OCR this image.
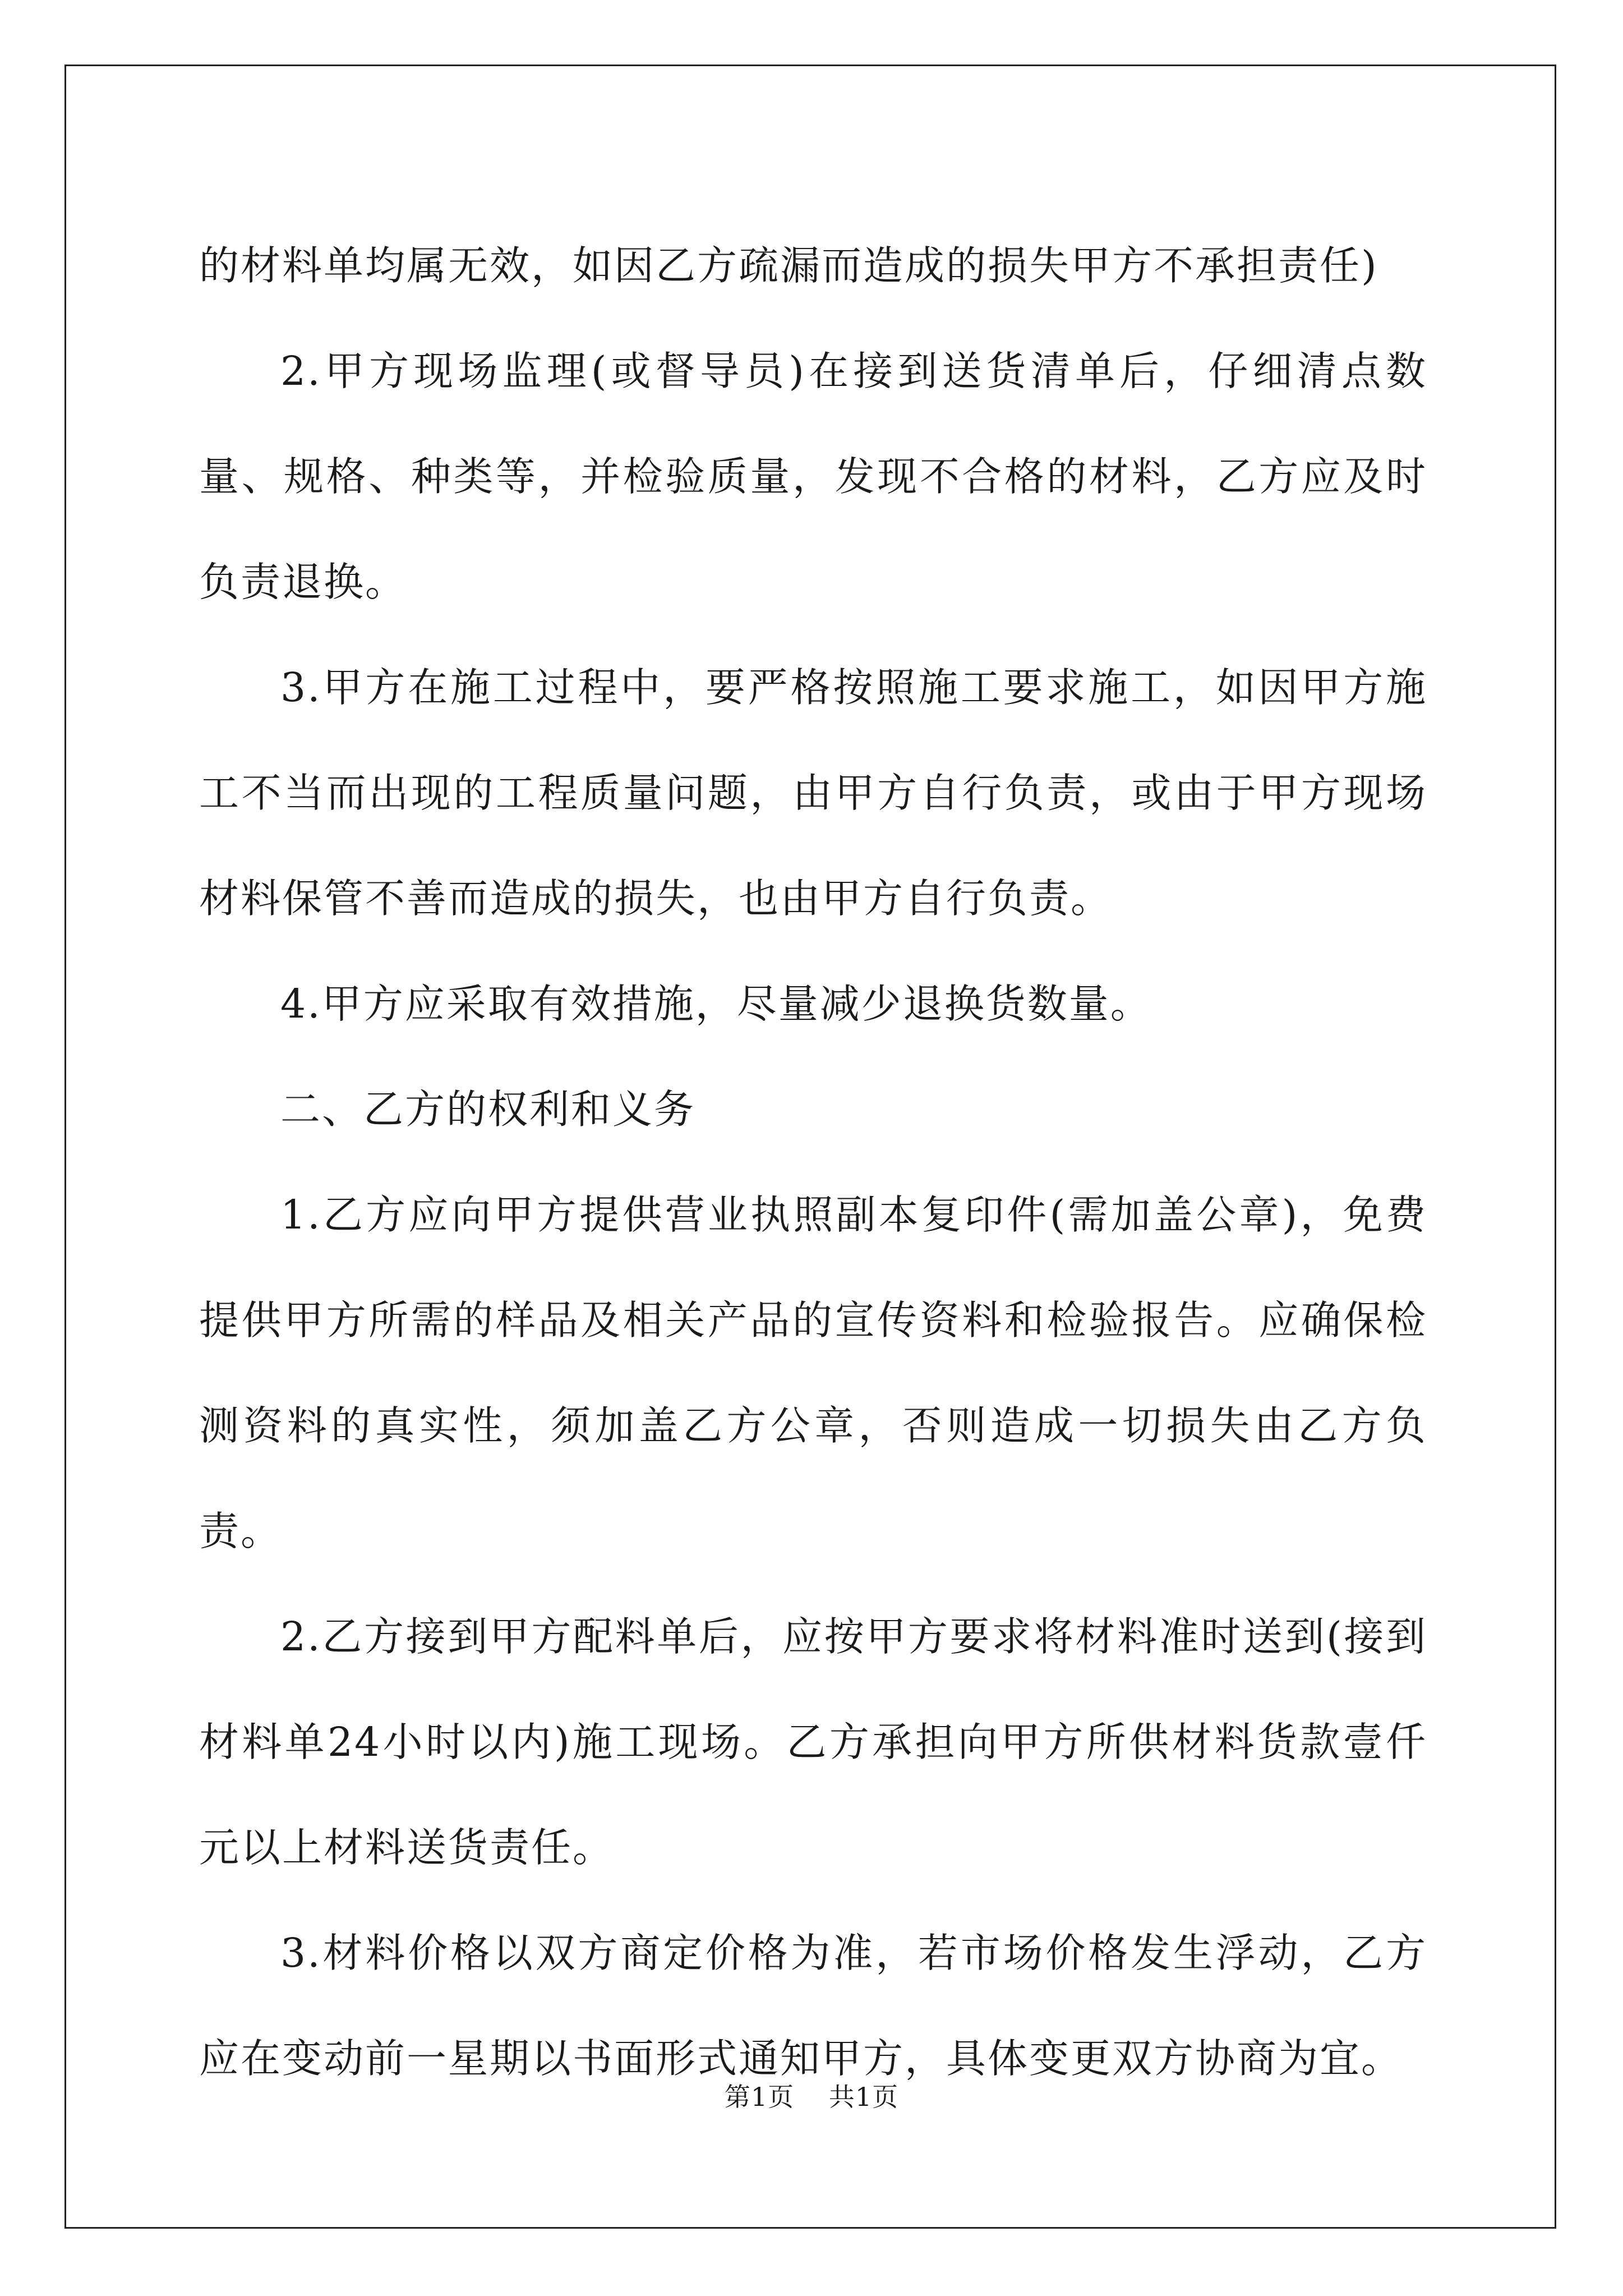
的材料单均属无效，如因乙方疏漏而造成的损失甲方不承担责任)

2.甲方现场监理(或督导员)在接到送货清单后，仔细清点数量、规格、种类等，并检验质量，发现不合格的材料，乙方应及时负责退换。

3.甲方在施工过程中，要严格按照施工要求施工，如因甲方施工不当而出现的工程质量问题，由甲方自行负责，或由于甲方现场材料保管不善而造成的损失，也由甲方自行负责。

4.甲方应采取有效措施，尽量减少退换货数量。

二、乙方的权利和义务

1.乙方应向甲方提供营业执照副本复印件(需加盖公章)，免费提供甲方所需的样品及相关产品的宣传资料和检验报告。应确保检测资料的真实性，须加盖乙方公章，否则造成一切损失由乙方负责。

2.乙方接到甲方配料单后，应按甲方要求将材料准时送到(接到材料单24小时以内)施工现场。乙方承担向甲方所供材料货款壹仟元以上材料送货责任。

3.材料价格以双方商定价格为准，若市场价格发生浮动，乙方应在变动前一星期以书面形式通知甲方，具体变更双方协商为宜。

第1页 共1页
